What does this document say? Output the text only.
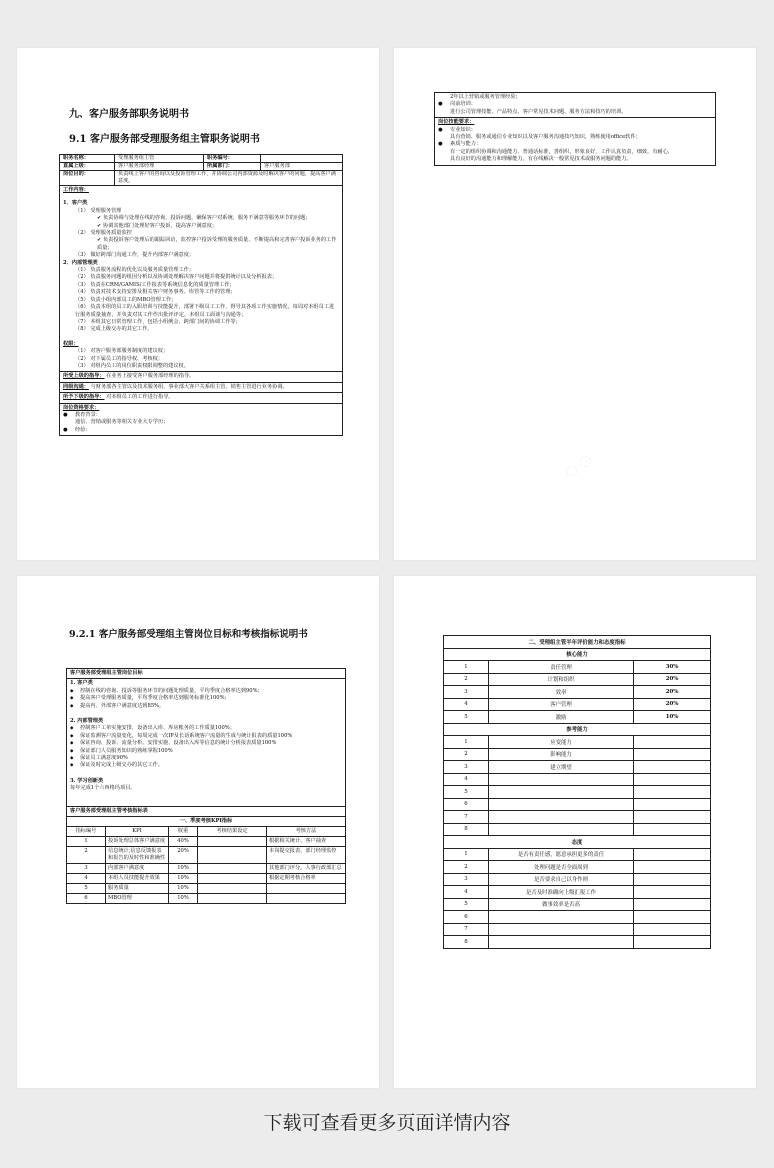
九、客户服务部职务说明书
9.1 客户服务部受理服务组主管职务说明书
职务名称：	受理服务组主管	职务编号：	
直属上级：	客户服务部经理	所属部门：	客户服务部
岗位目的：	负责线上客户的咨询以及投诉管理工作，并协调公司内部资源及时解决客户的问题，提高客户满意度。		
工作内容：
1．客户类
（1） 受理服务管理
✔ 负责协调与处理在线的咨询、投诉问题，确保客户对系统、服务不满意等服务环节的问题；
✔ 协调其他部门处理好客户投诉，提高客户满意度；
（2） 受理服务质量监控
✔ 负责投诉客户处理后的跟踪回访，监控客户投诉受理的服务质量，不断提高和完善客户投诉业务的工作质量；
（3） 做好跨部门沟通工作，提升内部客户满意度；
2．内部管理类
（1） 负责服务流程的优化以及服务质量管理工作；
（2） 负责服务问题的组因分析以及协调处理解决客户问题并将提供统计以及分析报表；
（3） 负责在CRM/GAMIS/工作报表等系统信息化的质量管理工作；
（4） 负责对技术支持安排及相关客户财务事务、库管等工作的管理；
（5） 负责小组内部员工的MBO管理工作；
（6） 负责本组的员工的入职培训与技能提升，部署下级员工工作，督导其各项工作实施情况，每周对本组员工进行服务质量抽查，并负责对其工作作出批评评定，本组员工面谈与沟通等；
（7） 本组其它日常管理工作，包括小组例会、跨部门间的协调工作等；
（8） 完成上级交办的其它工作。
权限：
（1） 对客户服务部服务制度的建议权；
（2） 对下属员工的指导权、考核权；
（3） 对组内员工的岗位职责权限调整的建议权。
所受上级的指导： 在业务上接受客户服务部经理的指导。
同级沟通： 与财务部各主管以及技术服务组、事业部大客户关系组主管、销售主管进行业务协调。
所予下级的指导： 对本组员工的工作进行指导。
岗位资格要求：
● 教育背景：
通信、营销或服务等相关专业大专学历；
● 经验：
2年以上营销或服务管理经验；
● 岗前培训：
进行公司管理技能、产品特点、客户常见技术问题、服务方法和技巧的培训。
岗位技能要求：
● 专业知识：
具有营销、服务或通信专业知识以及客户服务沟通技巧知识，熟练使用office软件；
● 素质与能力：
有一定的组织协调和沟通能力，普通话标准，善组织，形象良好，工作认真负责，细致，有耐心，
具有良好的沟通能力和理解能力，有在线解决一般常见技术或服务问题的能力。
◌ ◌
9.2.1 客户服务部受理组主管岗位目标和考核指标说明书
客户服务部受理组主管岗位目标
1. 客户类
◆ 控制在线的咨询、投诉等服务环节的问题处理质量，平均季度合格率达到90%；
◆ 提高客户受理服务质量，平均季度合格率达到服务标准化100%；
◆ 提高内、外部客户满意度达到85%。
2. 内部管理类
◆ 控制客户工单实施安排，设备出入库、库房帐务的工作质量100%；
◆ 保证监测客户流量变化，每周完成一次IP及长话系统客户流量的生成与统计报表的质量100%
◆ 保证咨询、投诉、流量分析、安排实施、设备出入库等信息的统计分析报表质量100%
◆ 保证部门人员服务知识的熟练掌握100%
◆ 保证员工满意度90%
◆ 保证及时完成上级交办的其它工作。
3. 学习创新类
每年完成1个六西格玛项目。
客户服务部受理组主管考核指标表
一、季度考核KPI指标				
指标编号	KPI	权重	考核结果设定	考核方法
1	投诉处理总体客户满意度	40%		根据相关统计、客户抽查
2	信息统计,信息反馈报表和报告的及时性和准确性	20%		本岗提交报表，部门经理监控
3	内部客户满意度	10%		其他部门评分，人事行政部汇总
4	本组人员技能提升效果	10%		根据定期考核合格率
5	服务质量	10%		
6	MBO管理	10%		
二、受理组主管半年评价能力和态度指标		
核心能力		
1	责任管理	30%
2	计划和组织	20%
3	效率	20%
4	客户管理	20%
5	激励	10%
参考能力		
1	应变能力	
2	影响能力	
3	建立期望	
4		
5		
6		
7		
8		
态度		
1	是否有责任感，愿意承担更多的责任	
2	处理问题是否全面周到	
3	是否要求自己以身作则	
4	是否及时准确向上级汇报工作	
5	做事效率是否高	
6		
7		
8		
下载可查看更多页面详情内容
